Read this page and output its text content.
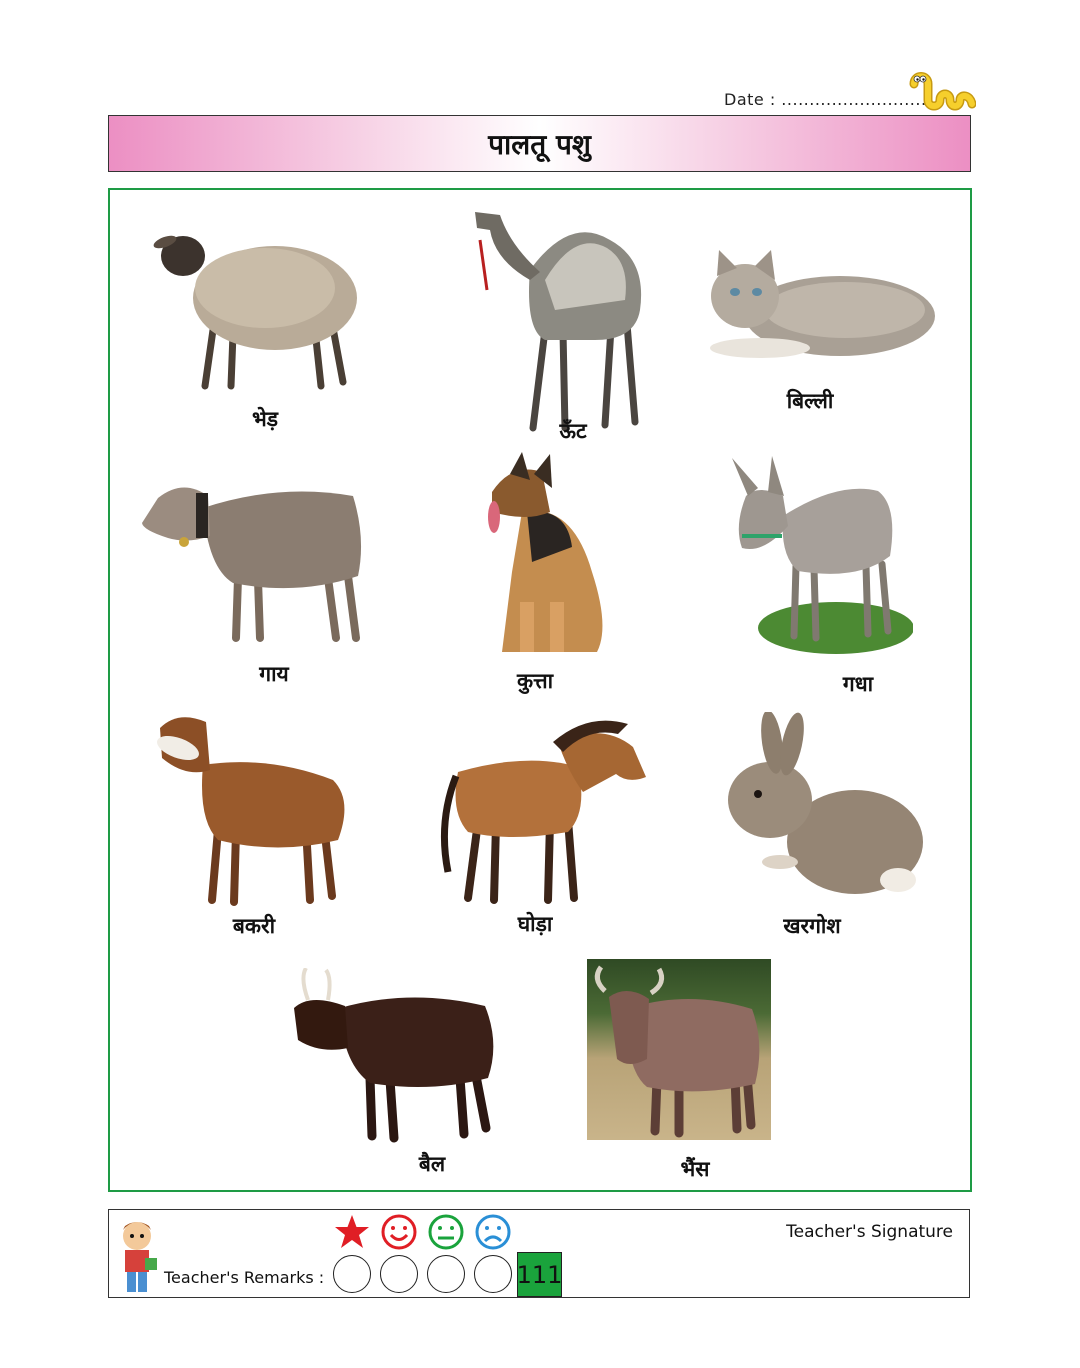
Date : .............................
पालतू पशु
भेड़	ऊँट
बिल्ली
गाय	कुत्ता	गधा
बकरी	घोड़ा	खरगोश
बैल	भैंस
Teacher's Remarks :
Teacher's Signature
111
